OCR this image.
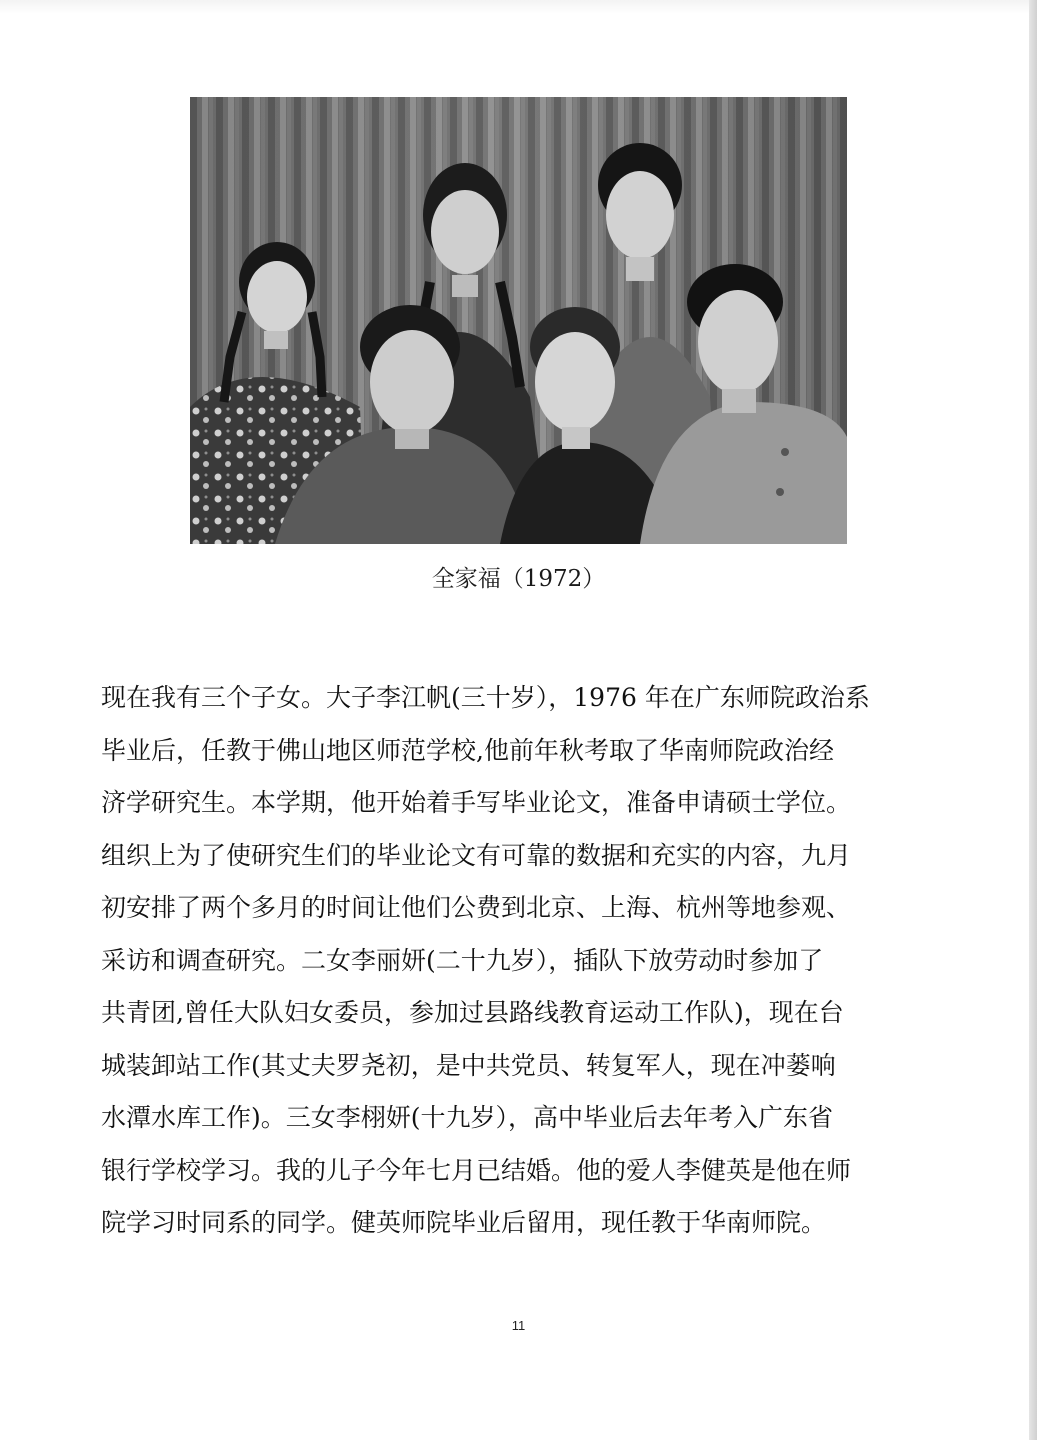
全家福（1972）
现在我有三个子女。大子李江帆(三十岁），1976 年在广东师院政治系
毕业后，任教于佛山地区师范学校,他前年秋考取了华南师院政治经
济学研究生。本学期，他开始着手写毕业论文，准备申请硕士学位。
组织上为了使研究生们的毕业论文有可靠的数据和充实的内容，九月
初安排了两个多月的时间让他们公费到北京、上海、杭州等地参观、
采访和调查研究。二女李丽妍(二十九岁），插队下放劳动时参加了
共青团,曾任大队妇女委员，参加过县路线教育运动工作队)，现在台
城装卸站工作(其丈夫罗尧初，是中共党员、转复军人，现在冲蒌响
水潭水库工作)。三女李栩妍(十九岁），高中毕业后去年考入广东省
银行学校学习。我的儿子今年七月已结婚。他的爱人李健英是他在师
院学习时同系的同学。健英师院毕业后留用，现任教于华南师院。
11
